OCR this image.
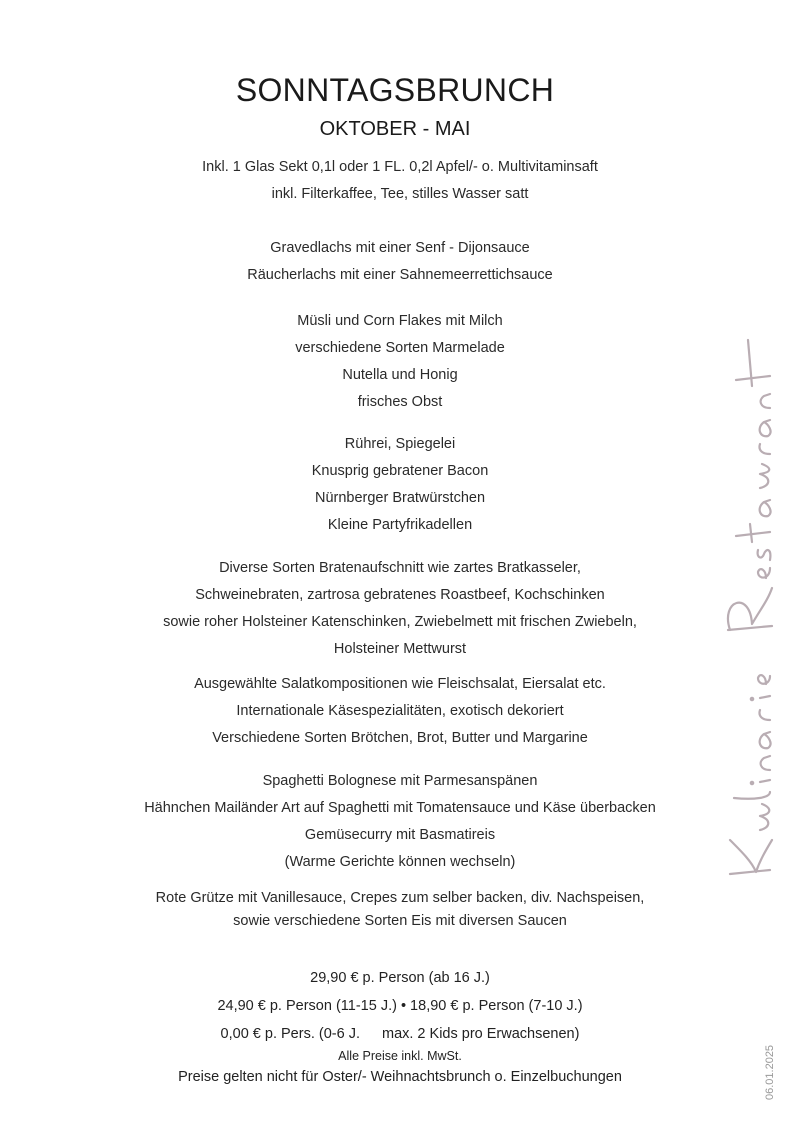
SONNTAGSBRUNCH
OKTOBER - MAI
Inkl. 1 Glas Sekt 0,1l oder 1 FL. 0,2l Apfel/- o. Multivitaminsaft
inkl. Filterkaffee, Tee, stilles Wasser satt
Gravedlachs mit einer Senf - Dijonsauce
Räucherlachs mit einer Sahnemeerrettichsauce
Müsli und Corn Flakes mit Milch
verschiedene Sorten Marmelade
Nutella und Honig
frisches Obst
Rührei, Spiegelei
Knusprig gebratener Bacon
Nürnberger Bratwürstchen
Kleine Partyfrikadellen
Diverse Sorten Bratenaufschnitt wie zartes Bratkasseler,
Schweinebraten, zartrosa gebratenes Roastbeef, Kochschinken
sowie roher Holsteiner Katenschinken, Zwiebelmett mit frischen Zwiebeln,
Holsteiner Mettwurst
Ausgewählte Salatkompositionen wie Fleischsalat, Eiersalat etc.
Internationale Käsespezialitäten, exotisch dekoriert
Verschiedene Sorten Brötchen, Brot, Butter und Margarine
Spaghetti Bolognese mit Parmesanspänen
Hähnchen Mailänder Art auf Spaghetti mit Tomatensauce und Käse überbacken
Gemüsecurry mit Basmatireis
(Warme Gerichte können wechseln)
Rote Grütze mit Vanillesauce, Crepes zum selber backen, div. Nachspeisen,
sowie verschiedene Sorten Eis mit diversen Saucen
29,90 € p. Person (ab 16 J.)
24,90 € p. Person (11-15 J.) • 18,90 € p. Person (7-10 J.)
0,00 € p. Pers. (0-6 J. max. 2 Kids pro Erwachsenen)
Alle Preise inkl. MwSt.
Preise gelten nicht für Oster/- Weihnachtsbrunch o. Einzelbuchungen	06.01.2025
